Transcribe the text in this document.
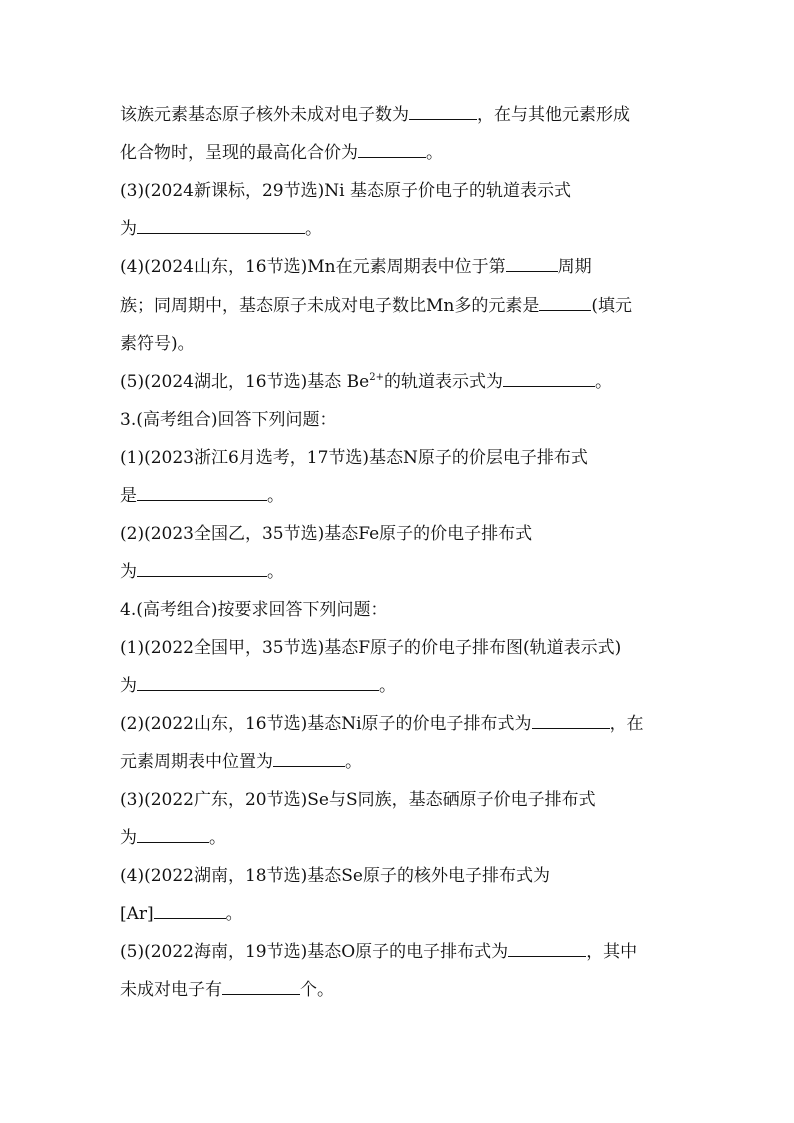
该族元素基态原子核外未成对电子数为	，在与其他元素形成
化合物时，呈现的最高化合价为	。
(3)(2024新课标，29节选)Ni 基态原子价电子的轨道表示式
为	。
(4)(2024山东，16节选)Mn在元素周期表中位于第	周期
族；同周期中，基态原子未成对电子数比Mn多的元素是	(填元
素符号)。
(5)(2024湖北，16节选)基态 $Be^{2+}$的轨道表示式为	。
3.(高考组合)回答下列问题：
(1)(2023浙江6月选考，17节选)基态N原子的价层电子排布式
是	。
(2)(2023全国乙，35节选)基态Fe原子的价电子排布式
为	。
4.(高考组合)按要求回答下列问题：
(1)(2022全国甲，35节选)基态F原子的价电子排布图(轨道表示式)
为	。
(2)(2022山东，16节选)基态Ni原子的价电子排布式为	，在
元素周期表中位置为	。
(3)(2022广东，20节选)Se与S同族，基态硒原子价电子排布式
为	。
(4)(2022湖南，18节选)基态Se原子的核外电子排布式为
[Ar]	。
(5)(2022海南，19节选)基态O原子的电子排布式为	，其中
未成对电子有	个。
